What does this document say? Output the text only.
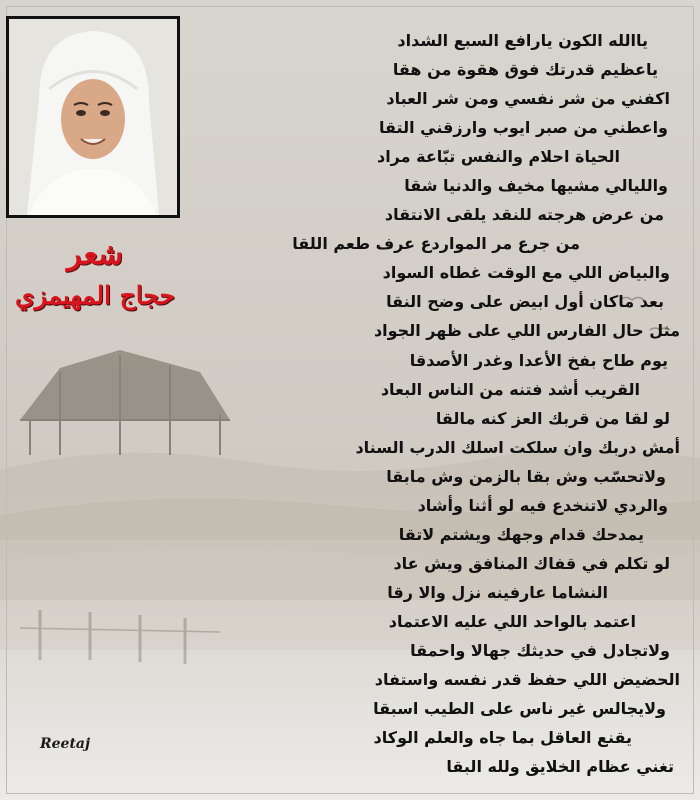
شعر
حجاج المهيمزي
ياالله الكون يارافع السبع الشداد
ياعظيم قدرتك فوق هقوة من هقا
اكفني من شر نفسي ومن شر العباد
واعطني من صبر ايوب وارزقني التقا
الحياة احلام والنفس تبّاعة مراد
والليالي مشيها مخيف والدنيا شقا
من عرض هرجته للنقد يلقى الانتقاد
من جرع مر المواردع عرف طعم اللقا
والبياض اللي مع الوقت غطاه السواد
بعد ماكان أول ابيض على وضح النقا
مثل حال الفارس اللي على ظهر الجواد
يوم طاح بفخ الأعدا وغدر الأصدقا
القريب أشد فتنه من الناس البعاد
لو لقا من قربك العز كنه مالقا
أمش دربك وان سلكت اسلك الدرب السناد
ولاتحسّب وش بقا بالزمن وش مابقا
والردي لاتنخدع فيه لو أثنا وأشاد
يمدحك قدام وجهك ويشتم لاتقا
لو تكلم في قفاك المنافق ويش عاد
النشاما عارفينه نزل والا رقا
اعتمد بالواحد اللي عليه الاعتماد
ولاتجادل في حديثك جهالا واحمقا
الحضيض اللي حفظ قدر نفسه واستفاد
ولايجالس غير ناس على الطيب اسبقا
يقنع العاقل بما جاه والعلم الوكاد
تغني عظام الخلايق ولله البقا
Reetaj
